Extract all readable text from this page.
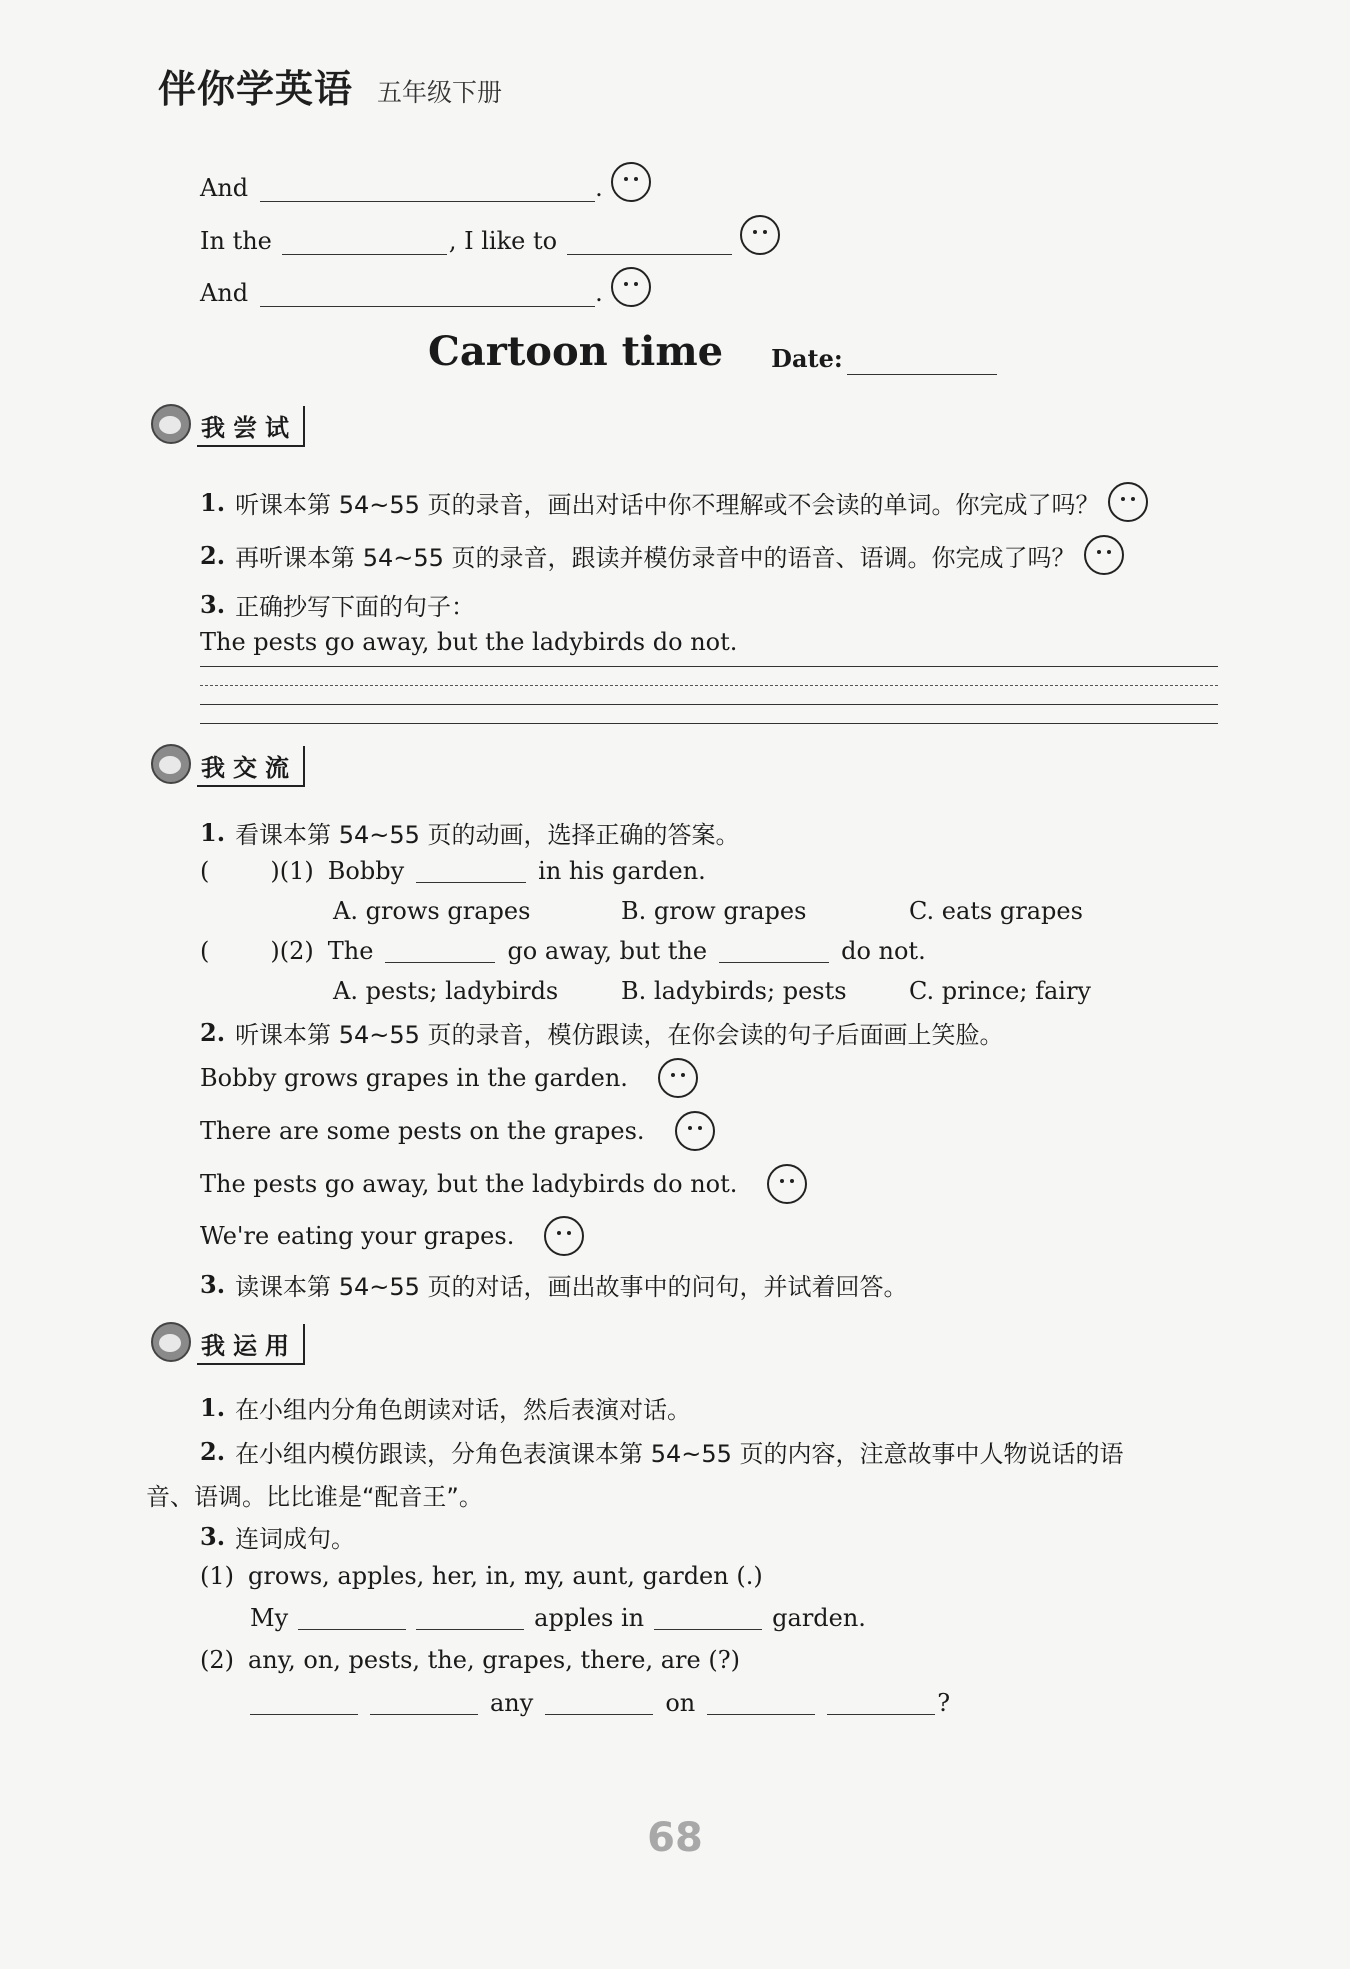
伴你学英语 五年级下册
And	.
In the	, I like to
And	.
Cartoon time Date:
我尝试
1. 听课本第 54~55 页的录音，画出对话中你不理解或不会读的单词。你完成了吗？
2. 再听课本第 54~55 页的录音，跟读并模仿录音中的语音、语调。你完成了吗？
3. 正确抄写下面的句子：
The pests go away, but the ladybirds do not.
我交流
1. 看课本第 54~55 页的动画，选择正确的答案。
(        ) (1) Bobby	in his garden.
A. grows grapes	B. grow grapes	C. eats grapes
(        ) (2) The	go away, but the	do not.
A. pests; ladybirds	B. ladybirds; pests	C. prince; fairy
2. 听课本第 54~55 页的录音，模仿跟读，在你会读的句子后面画上笑脸。
Bobby grows grapes in the garden.
There are some pests on the grapes.
The pests go away, but the ladybirds do not.
We're eating your grapes.
3. 读课本第 54~55 页的对话，画出故事中的问句，并试着回答。
我运用
1. 在小组内分角色朗读对话，然后表演对话。
2. 在小组内模仿跟读，分角色表演课本第 54~55 页的内容，注意故事中人物说话的语
音、语调。比比谁是“配音王”。
3. 连词成句。
(1) grows, apples, her, in, my, aunt, garden (.)
My	apples in	garden.
(2) any, on, pests, the, grapes, there, are (?)
any	on	?
68
